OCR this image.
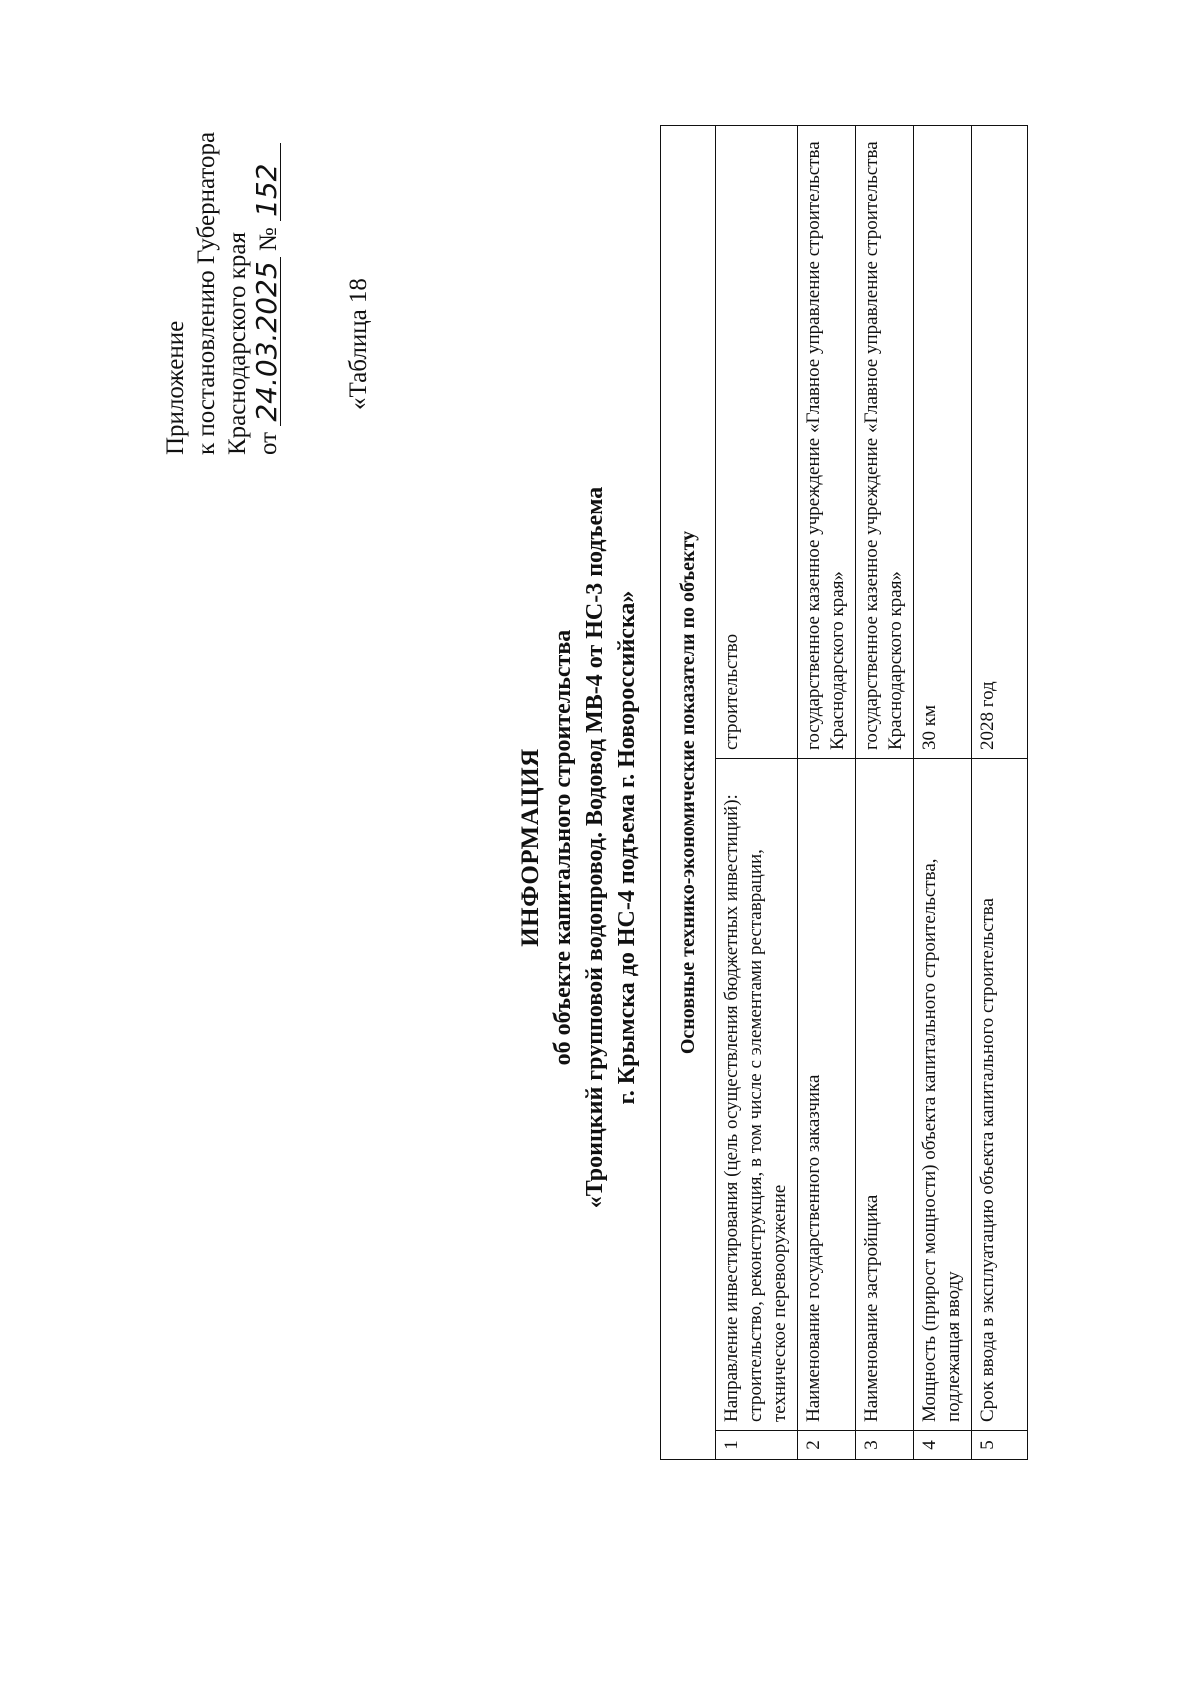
Приложение к постановлению Губернатора Краснодарского края от 24.03.2025 № 152
«Таблица 18
ИНФОРМАЦИЯ об объекте капитального строительства «Троицкий групповой водопровод. Водовод МВ-4 от НС-3 подъема г. Крымска до НС-4 подъема г. Новороссийска» Основные технико-экономические показатели по объекту		
1	Направление инвестирования (цель осуществления бюджетных инвестиций): строительство, реконструкция, в том числе с элементами реставрации, техническое перевооружение	строительство
2	Наименование государственного заказчика	государственное казенное учреждение «Главное управление строительства Краснодарского края»
3	Наименование застройщика	государственное казенное учреждение «Главное управление строительства Краснодарского края»
4	Мощность (прирост мощности) объекта капитального строительства, подлежащая вводу	30 км
5	Срок ввода в эксплуатацию объекта капитального строительства	2028 год
